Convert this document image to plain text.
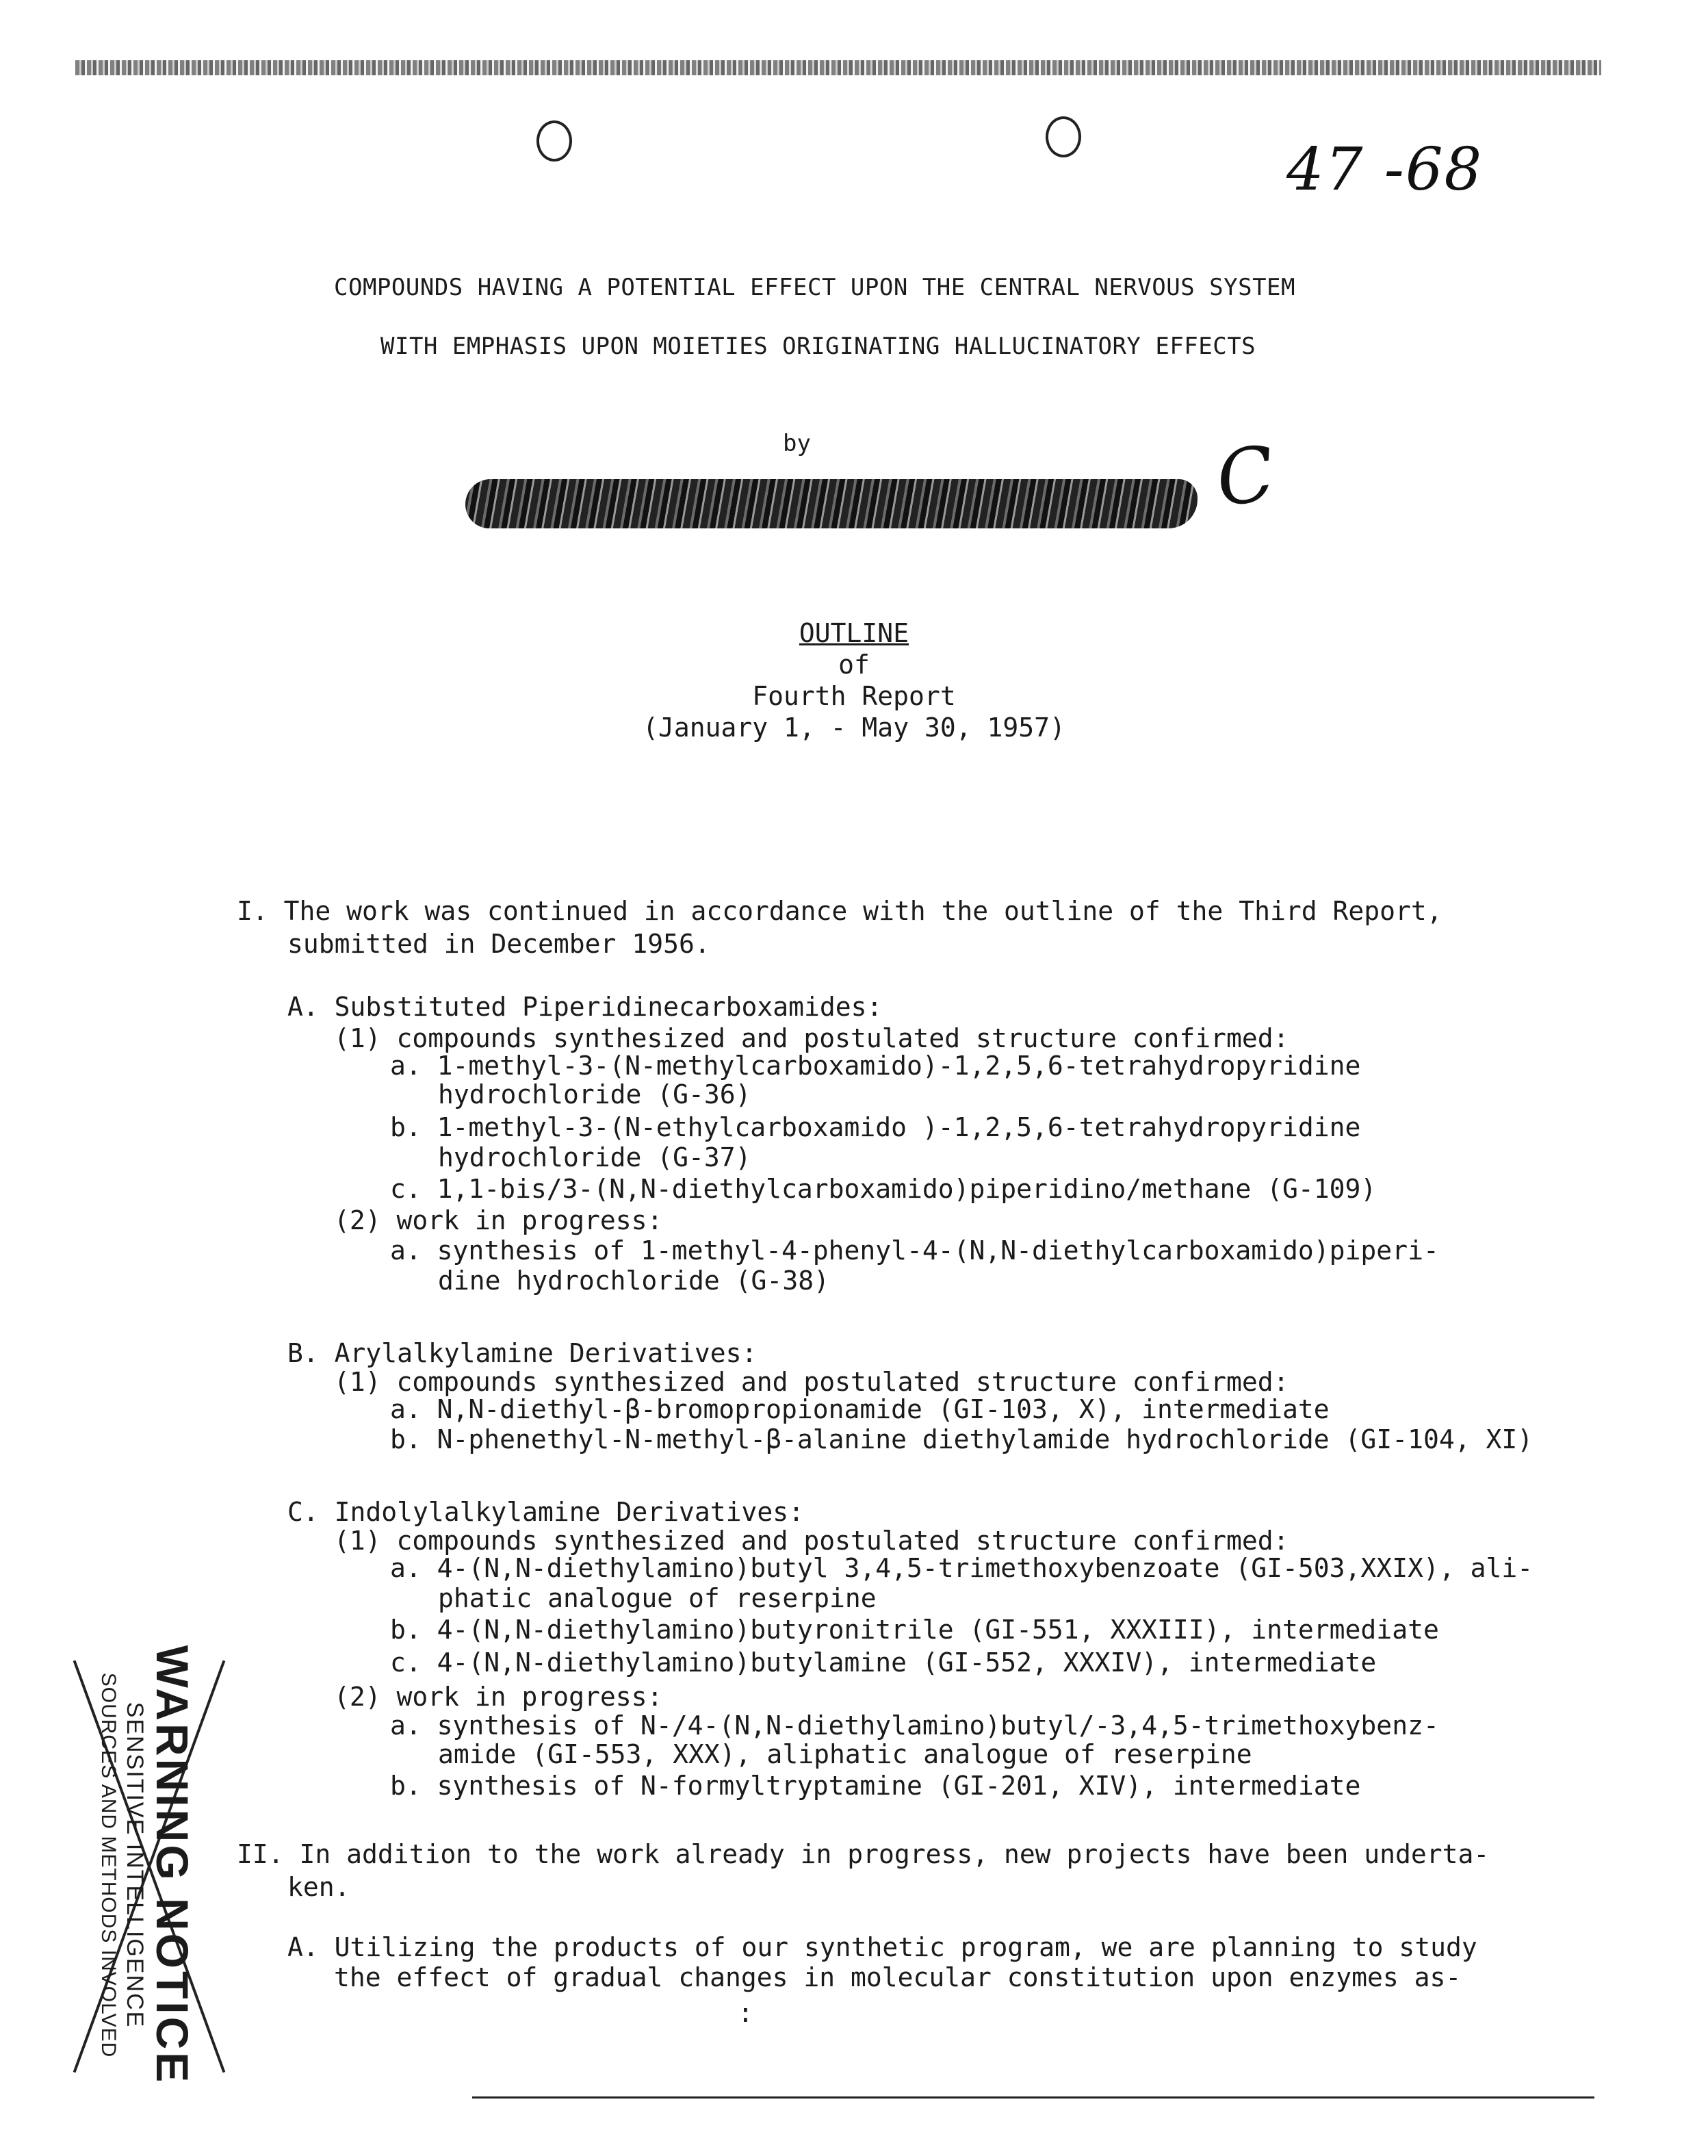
47 -68
C
COMPOUNDS HAVING A POTENTIAL EFFECT UPON THE CENTRAL NERVOUS SYSTEM
WITH EMPHASIS UPON MOIETIES ORIGINATING HALLUCINATORY EFFECTS
by
OUTLINE
of
Fourth Report
(January 1, - May 30, 1957)
I. The work was continued in accordance with the outline of the Third Report,
submitted in December 1956.
A. Substituted Piperidinecarboxamides:
(1) compounds synthesized and postulated structure confirmed:
a. 1-methyl-3-(N-methylcarboxamido)-1,2,5,6-tetrahydropyridine
hydrochloride (G-36)
b. 1-methyl-3-(N-ethylcarboxamido )-1,2,5,6-tetrahydropyridine
hydrochloride (G-37)
c. 1,1-bis/3-(N,N-diethylcarboxamido)piperidino/methane (G-109)
(2) work in progress:
a. synthesis of 1-methyl-4-phenyl-4-(N,N-diethylcarboxamido)piperi-
dine hydrochloride (G-38)
B. Arylalkylamine Derivatives:
(1) compounds synthesized and postulated structure confirmed:
a. N,N-diethyl-β-bromopropionamide (GI-103, X), intermediate
b. N-phenethyl-N-methyl-β-alanine diethylamide hydrochloride (GI-104, XI)
C. Indolylalkylamine Derivatives:
(1) compounds synthesized and postulated structure confirmed:
a. 4-(N,N-diethylamino)butyl 3,4,5-trimethoxybenzoate (GI-503,XXIX), ali-
phatic analogue of reserpine
b. 4-(N,N-diethylamino)butyronitrile (GI-551, XXXIII), intermediate
c. 4-(N,N-diethylamino)butylamine (GI-552, XXXIV), intermediate
(2) work in progress:
a. synthesis of N-/4-(N,N-diethylamino)butyl/-3,4,5-trimethoxybenz-
amide (GI-553, XXX), aliphatic analogue of reserpine
b. synthesis of N-formyltryptamine (GI-201, XIV), intermediate
II. In addition to the work already in progress, new projects have been underta-
ken.
A. Utilizing the products of our synthetic program, we are planning to study
the effect of gradual changes in molecular constitution upon enzymes as-
:
WARNING NOTICE
SENSITIVE INTELLIGENCE
SOURCES AND METHODS INVOLVED
